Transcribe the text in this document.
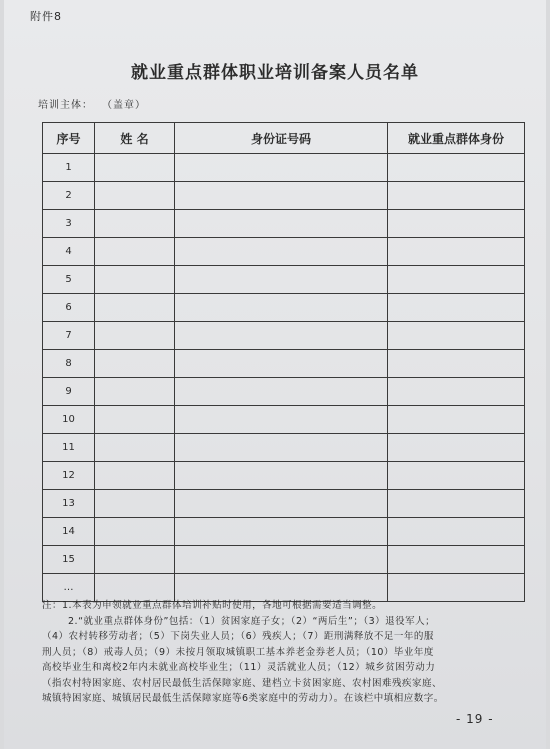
附件8
就业重点群体职业培训备案人员名单
培训主体： （盖章）
序号	姓 名	身份证号码	就业重点群体身份
1			
2			
3			
4			
5			
6			
7			
8			
9			
10			
11			
12			
13			
14			
15			
…			

注：1.本表为申领就业重点群体培训补贴时使用，各地可根据需要适当调整。

2.“就业重点群体身份”包括：（1）贫困家庭子女；（2）“两后生”；（3）退役军人；

（4）农村转移劳动者；（5）下岗失业人员；（6）残疾人；（7）距刑满释放不足一年的服

刑人员；（8）戒毒人员；（9）未按月领取城镇职工基本养老金券老人员；（10）毕业年度

高校毕业生和离校2年内未就业高校毕业生；（11）灵活就业人员；（12）城乡贫困劳动力

（指农村特困家庭、农村居民最低生活保障家庭、建档立卡贫困家庭、农村困难残疾家庭、

城镇特困家庭、城镇居民最低生活保障家庭等6类家庭中的劳动力）。在该栏中填相应数字。

- 19 -
